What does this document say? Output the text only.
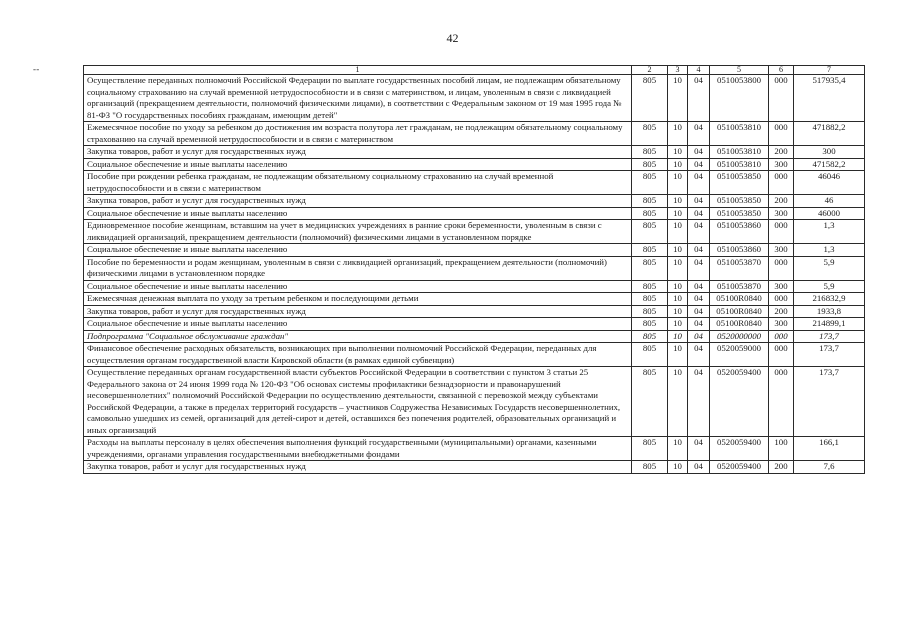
42
- -	1	2	3	4	5	6	7
Осуществление переданных полномочий Российской Федерации по выплате государственных пособий лицам, не подлежащим обязательному социальному страхованию на случай временной нетрудоспособности и в связи с материнством, и лицам, уволенным в связи с ликвидацией организаций (прекращением деятельности, полномочий физическими лицами), в соответствии с Федеральным законом от 19 мая 1995 года № 81-ФЗ "О государственных пособиях гражданам, имеющим детей"	805	10	04	0510053800	000	517935,4
Ежемесячное пособие по уходу за ребенком до достижения им возраста полутора лет гражданам, не подлежащим обязательному социальному страхованию на случай временной нетрудоспособности и в связи с материнством	805	10	04	0510053810	000	471882,2
Закупка товаров, работ и услуг для государственных нужд	805	10	04	0510053810	200	300
Социальное обеспечение и иные выплаты населению	805	10	04	0510053810	300	471582,2
Пособие при рождении ребенка гражданам, не подлежащим обязательному социальному страхованию на случай временной нетрудоспособности и в связи с материнством	805	10	04	0510053850	000	46046
Закупка товаров, работ и услуг для государственных нужд	805	10	04	0510053850	200	46
Социальное обеспечение и иные выплаты населению	805	10	04	0510053850	300	46000
Единовременное пособие женщинам, вставшим на учет в медицинских учреждениях в ранние сроки беременности, уволенным в связи с ликвидацией организаций, прекращением деятельности (полномочий) физическими лицами в установленном порядке	805	10	04	0510053860	000	1,3
Социальное обеспечение и иные выплаты населению	805	10	04	0510053860	300	1,3
Пособие по беременности и родам женщинам, уволенным в связи с ликвидацией организаций, прекращением деятельности (полномочий) физическими лицами в установленном порядке	805	10	04	0510053870	000	5,9
Социальное обеспечение и иные выплаты населению	805	10	04	0510053870	300	5,9
Ежемесячная денежная выплата по уходу за третьим ребенком и последующими детьми	805	10	04	05100R0840	000	216832,9
Закупка товаров, работ и услуг для государственных нужд	805	10	04	05100R0840	200	1933,8
Социальное обеспечение и иные выплаты населению	805	10	04	05100R0840	300	214899,1
Подпрограмма "Социальное обслуживание граждан"	805	10	04	0520000000	000	173,7
Финансовое обеспечение расходных обязательств, возникающих при выполнении полномочий Российской Федерации, переданных для осуществления органам государственной власти Кировской области (в рамках единой субвенции)	805	10	04	0520059000	000	173,7
Осуществление переданных органам государственной власти субъектов Российской Федерации в соответствии с пунктом 3 статьи 25 Федерального закона от 24 июня 1999 года № 120-ФЗ "Об основах системы профилактики безнадзорности и правонарушений несовершеннолетних" полномочий Российской Федерации по осуществлению деятельности, связанной с перевозкой между субъектами Российской Федерации, а также в пределах территорий государств – участников Содружества Независимых Государств несовершеннолетних, самовольно ушедших из семей, организаций для детей-сирот и детей, оставшихся без попечения родителей, образовательных организаций и иных организаций	805	10	04	0520059400	000	173,7
Расходы на выплаты персоналу в целях обеспечения выполнения функций государственными (муниципальными) органами, казенными учреждениями, органами управления государственными внебюджетными фондами	805	10	04	0520059400	100	166,1
Закупка товаров, работ и услуг для государственных нужд	805	10	04	0520059400	200	7,6
